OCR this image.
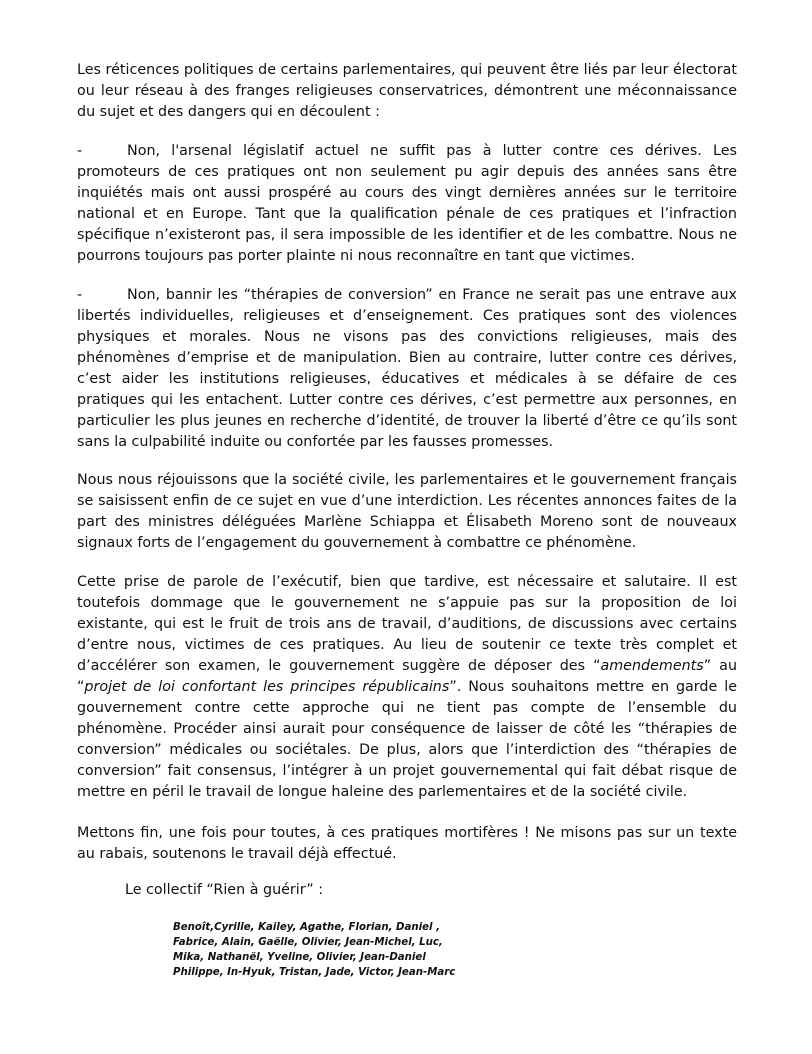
Les réticences politiques de certains parlementaires, qui peuvent être liés par leur électorat ou leur réseau à des franges religieuses conservatrices, démontrent une méconnaissance du sujet et des dangers qui en découlent :

-	Non, l'arsenal législatif actuel ne suffit pas à lutter contre ces dérives. Les promoteurs de ces pratiques ont non seulement pu agir depuis des années sans être inquiétés mais ont aussi prospéré au cours des vingt dernières années sur le territoire national et en Europe. Tant que la qualification pénale de ces pratiques et l’infraction spécifique n’existeront pas, il sera impossible de les identifier et de les combattre. Nous ne pourrons toujours pas porter plainte ni nous reconnaître en tant que victimes.
-	Non, bannir les “thérapies de conversion” en France ne serait pas une entrave aux libertés individuelles, religieuses et d’enseignement. Ces pratiques sont des violences physiques et morales. Nous ne visons pas des convictions religieuses, mais des phénomènes d’emprise et de manipulation. Bien au contraire, lutter contre ces dérives, c’est aider les institutions religieuses, éducatives et médicales à se défaire de ces pratiques qui les entachent. Lutter contre ces dérives, c’est permettre aux personnes, en particulier les plus jeunes en recherche d’identité, de trouver la liberté d’être ce qu’ils sont sans la culpabilité induite ou confortée par les fausses promesses.

Nous nous réjouissons que la société civile, les parlementaires et le gouvernement français se saisissent enfin de ce sujet en vue d’une interdiction. Les récentes annonces faites de la part des ministres déléguées Marlène Schiappa et Élisabeth Moreno sont de nouveaux signaux forts de l’engagement du gouvernement à combattre ce phénomène.

Cette prise de parole de l’exécutif, bien que tardive, est nécessaire et salutaire. Il est toutefois dommage que le gouvernement ne s’appuie pas sur la proposition de loi existante, qui est le fruit de trois ans de travail, d’auditions, de discussions avec certains d’entre nous, victimes de ces pratiques. Au lieu de soutenir ce texte très complet et d’accélérer son examen, le gouvernement suggère de déposer des “amendements” au “projet de loi confortant les principes républicains”. Nous souhaitons mettre en garde le gouvernement contre cette approche qui ne tient pas compte de l’ensemble du phénomène. Procéder ainsi aurait pour conséquence de laisser de côté les “thérapies de conversion” médicales ou sociétales. De plus, alors que l’interdiction des “thérapies de conversion” fait consensus, l’intégrer à un projet gouvernemental qui fait débat risque de mettre en péril le travail de longue haleine des parlementaires et de la société civile.

Mettons fin, une fois pour toutes, à ces pratiques mortifères ! Ne misons pas sur un texte au rabais, soutenons le travail déjà effectué.

Le collectif “Rien à guérir” :

Benoît,Cyrille, Kailey, Agathe, Florian, Daniel ,
Fabrice, Alain, Gaëlle, Olivier, Jean-Michel, Luc,
Mika, Nathanël, Yveline, Olivier, Jean-Daniel
Philippe, In-Hyuk, Tristan, Jade, Victor, Jean-Marc
